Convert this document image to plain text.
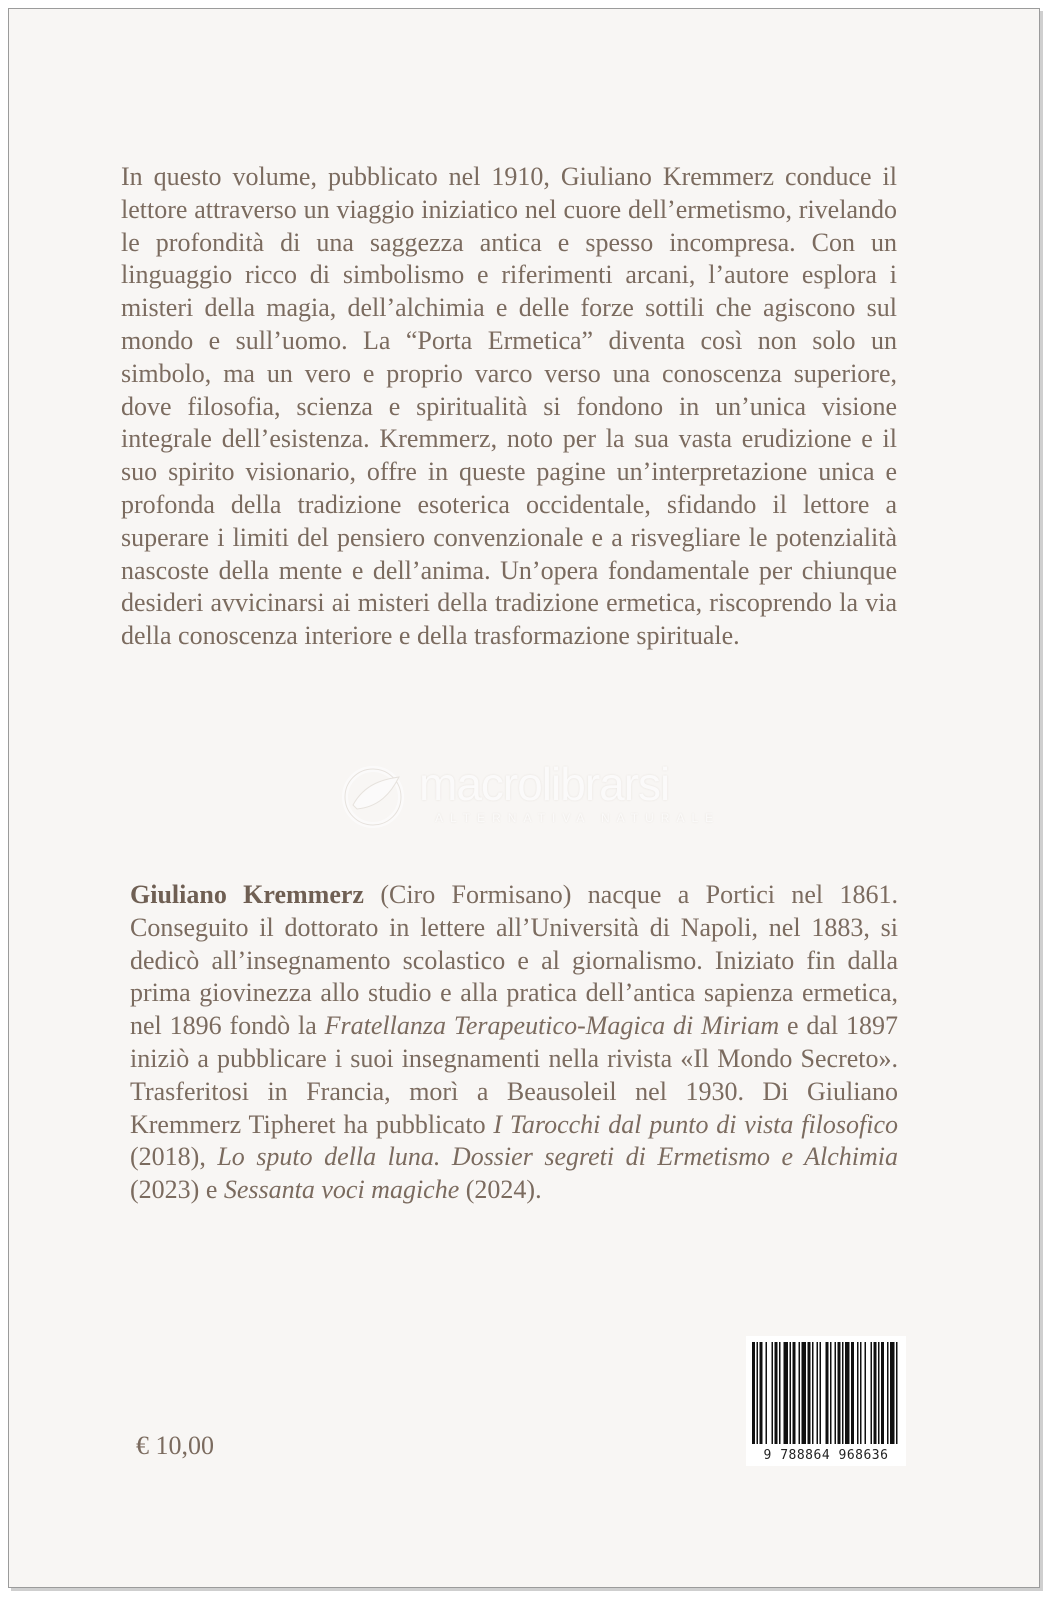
In questo volume, pubblicato nel 1910, Giuliano Kremmerz conduce il lettore attraverso un viaggio iniziatico nel cuore dell’ermetismo, rivelando le profondità di una saggezza antica e spesso incompresa. Con un linguaggio ricco di simbolismo e riferimenti arcani, l’autore esplora i misteri della magia, dell’alchimia e delle forze sottili che agiscono sul mondo e sull’uomo. La “Porta Ermetica” diventa così non solo un simbolo, ma un vero e proprio varco verso una conoscenza superiore, dove filosofia, scienza e spiritualità si fondono in un’unica visione integrale dell’esistenza. Kremmerz, noto per la sua vasta erudizione e il suo spirito visionario, offre in queste pagine un’interpretazione unica e profonda della tradizione esoterica occidentale, sfidando il lettore a superare i limiti del pensiero convenzionale e a risvegliare le potenzialità nascoste della mente e dell’anima. Un’opera fondamentale per chiunque desideri avvicinarsi ai misteri della tradizione ermetica, riscoprendo la via della conoscenza interiore e della trasformazione spirituale.

macrolibrarsi
ALTERNATIVA NATURALE

Giuliano Kremmerz (Ciro Formisano) nacque a Portici nel 1861. Conseguito il dottorato in lettere all’Università di Napoli, nel 1883, si dedicò all’insegnamento scolastico e al giornalismo. Iniziato fin dalla prima giovinezza allo studio e alla pratica dell’antica sapienza ermetica, nel 1896 fondò la Fratellanza Terapeutico-Magica di Miriam e dal 1897 iniziò a pubblicare i suoi insegnamenti nella rivista «Il Mondo Secreto». Trasferitosi in Francia, morì a Beausoleil nel 1930. Di Giuliano Kremmerz Tipheret ha pubblicato I Tarocchi dal punto di vista filosofico (2018), Lo sputo della luna. Dossier segreti di Ermetismo e Alchimia (2023) e Sessanta voci magiche (2024).

9 788864 968636
€ 10,00
